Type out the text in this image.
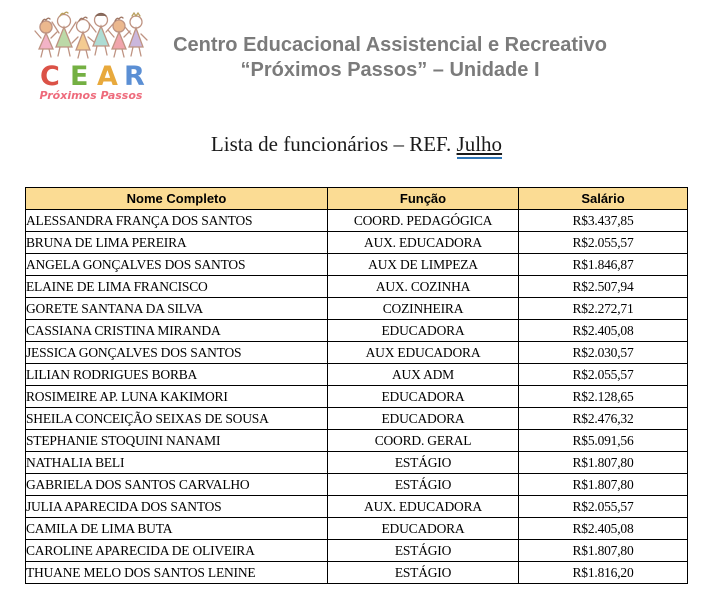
C E A R
Próximos Passos
Centro Educacional Assistencial e Recreativo
“Próximos Passos” – Unidade I
Lista de funcionários – REF. Julho
Nome Completo	Função	Salário
ALESSANDRA FRANÇA DOS SANTOS	COORD. PEDAGÓGICA	R$3.437,85
BRUNA DE LIMA PEREIRA	AUX. EDUCADORA	R$2.055,57
ANGELA GONÇALVES DOS SANTOS	AUX DE LIMPEZA	R$1.846,87
ELAINE DE LIMA FRANCISCO	AUX. COZINHA	R$2.507,94
GORETE SANTANA DA SILVA	COZINHEIRA	R$2.272,71
CASSIANA CRISTINA MIRANDA	EDUCADORA	R$2.405,08
JESSICA GONÇALVES DOS SANTOS	AUX EDUCADORA	R$2.030,57
LILIAN RODRIGUES BORBA	AUX ADM	R$2.055,57
ROSIMEIRE AP. LUNA KAKIMORI	EDUCADORA	R$2.128,65
SHEILA CONCEIÇÃO SEIXAS DE SOUSA	EDUCADORA	R$2.476,32
STEPHANIE STOQUINI NANAMI	COORD. GERAL	R$5.091,56
NATHALIA BELI	ESTÁGIO	R$1.807,80
GABRIELA DOS SANTOS CARVALHO	ESTÁGIO	R$1.807,80
JULIA APARECIDA DOS SANTOS	AUX. EDUCADORA	R$2.055,57
CAMILA DE LIMA BUTA	EDUCADORA	R$2.405,08
CAROLINE APARECIDA DE OLIVEIRA	ESTÁGIO	R$1.807,80
THUANE MELO DOS SANTOS LENINE	ESTÁGIO	R$1.816,20
